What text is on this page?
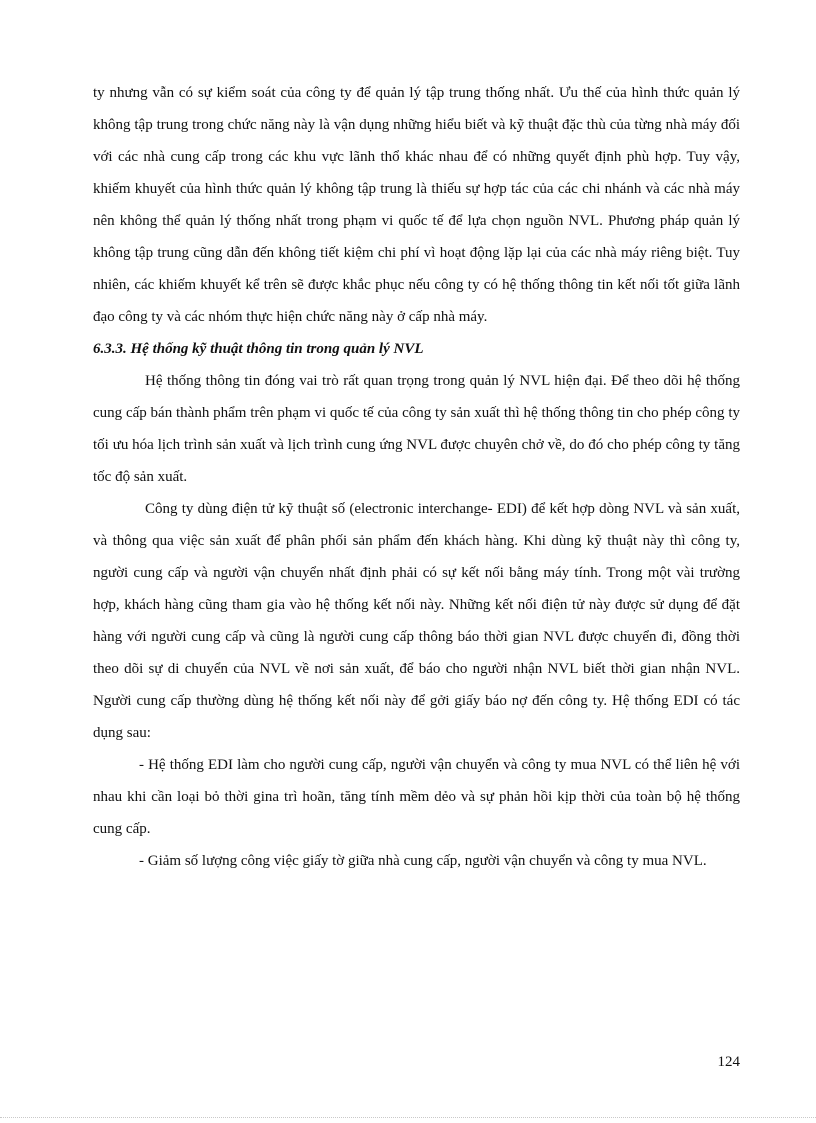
ty nhưng vẫn có sự kiểm soát của công ty để quản lý tập trung thống nhất. Ưu thế của hình thức quản lý không tập trung trong chức năng này là vận dụng những hiểu biết và kỹ thuật đặc thù của từng nhà máy đối với các nhà cung cấp trong các khu vực lãnh thổ khác nhau để có những quyết định phù hợp. Tuy vậy, khiếm khuyết của hình thức quản lý không tập trung là thiếu sự hợp tác của các chi nhánh và các nhà máy nên không thể quản lý thống nhất trong phạm vi quốc tế để lựa chọn nguồn NVL. Phương pháp quản lý không tập trung cũng dẫn đến không tiết kiệm chi phí vì hoạt động lặp lại của các nhà máy riêng biệt. Tuy nhiên, các khiếm khuyết kể trên sẽ được khắc phục nếu công ty có hệ thống thông tin kết nối tốt giữa lãnh đạo công ty và các nhóm thực hiện chức năng này ở cấp nhà máy.

6.3.3. Hệ thống kỹ thuật thông tin trong quản lý NVL

Hệ thống thông tin đóng vai trò rất quan trọng trong quản lý NVL hiện đại. Để theo dõi hệ thống cung cấp bán thành phẩm trên phạm vi quốc tế của công ty sản xuất thì hệ thống thông tin cho phép công ty tối ưu hóa lịch trình sản xuất và lịch trình cung ứng NVL được chuyên chở về, do đó cho phép công ty tăng tốc độ sản xuất.

Công ty dùng điện tử kỹ thuật số (electronic interchange- EDI) để kết hợp dòng NVL và sản xuất, và thông qua việc sản xuất để phân phối sản phẩm đến khách hàng. Khi dùng kỹ thuật này thì công ty, người cung cấp và người vận chuyển nhất định phải có sự kết nối bằng máy tính. Trong một vài trường hợp, khách hàng cũng tham gia vào hệ thống kết nối này. Những kết nối điện tử này được sử dụng để đặt hàng với người cung cấp và cũng là người cung cấp thông báo thời gian NVL được chuyển đi, đồng thời theo dõi sự di chuyển của NVL về nơi sản xuất, để báo cho người nhận NVL biết thời gian nhận NVL. Người cung cấp thường dùng hệ thống kết nối này để gởi giấy báo nợ đến công ty. Hệ thống EDI có tác dụng sau:

- Hệ thống EDI làm cho người cung cấp, người vận chuyển và công ty mua NVL có thể liên hệ với nhau khi cần loại bỏ thời gina trì hoãn, tăng tính mềm dẻo và sự phản hồi kịp thời của toàn bộ hệ thống cung cấp.

- Giảm số lượng công việc giấy tờ giữa nhà cung cấp, người vận chuyển và công ty mua NVL.

124
